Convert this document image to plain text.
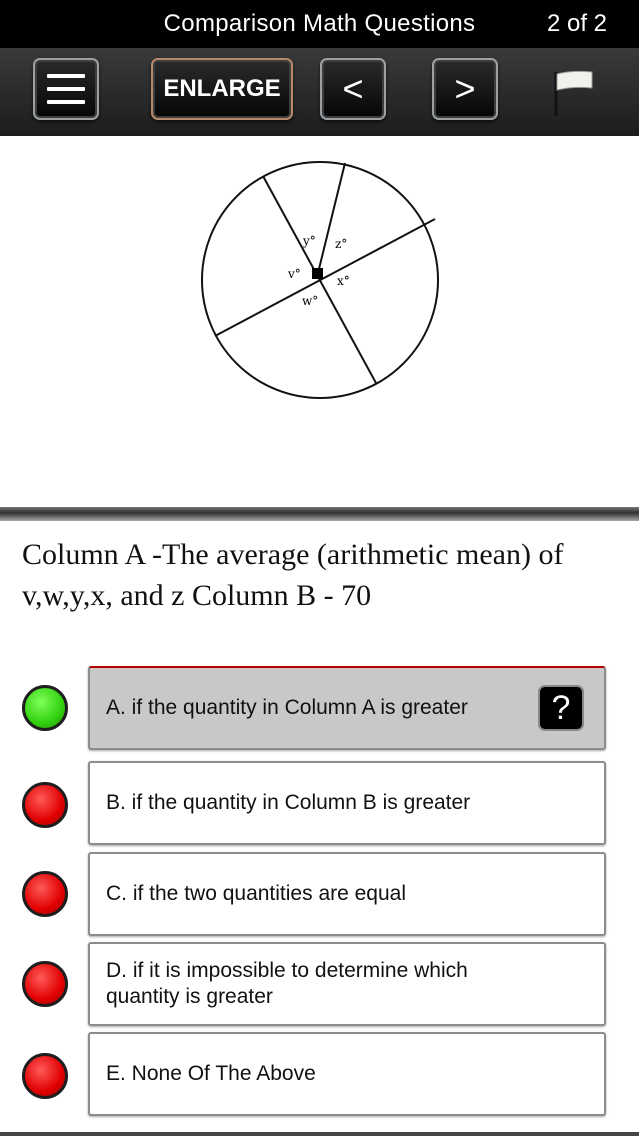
Comparison Math Questions	2 of 2
ENLARGE	<	>
y° z°
v°	x°
w°
Column A -The average (arithmetic mean) of v,w,y,x, and z Column B - 70
A. if the quantity in Column A is greater	?
B. if the quantity in Column B is greater
C. if the two quantities are equal
D. if it is impossible to determine which quantity is greater
E. None Of The Above
